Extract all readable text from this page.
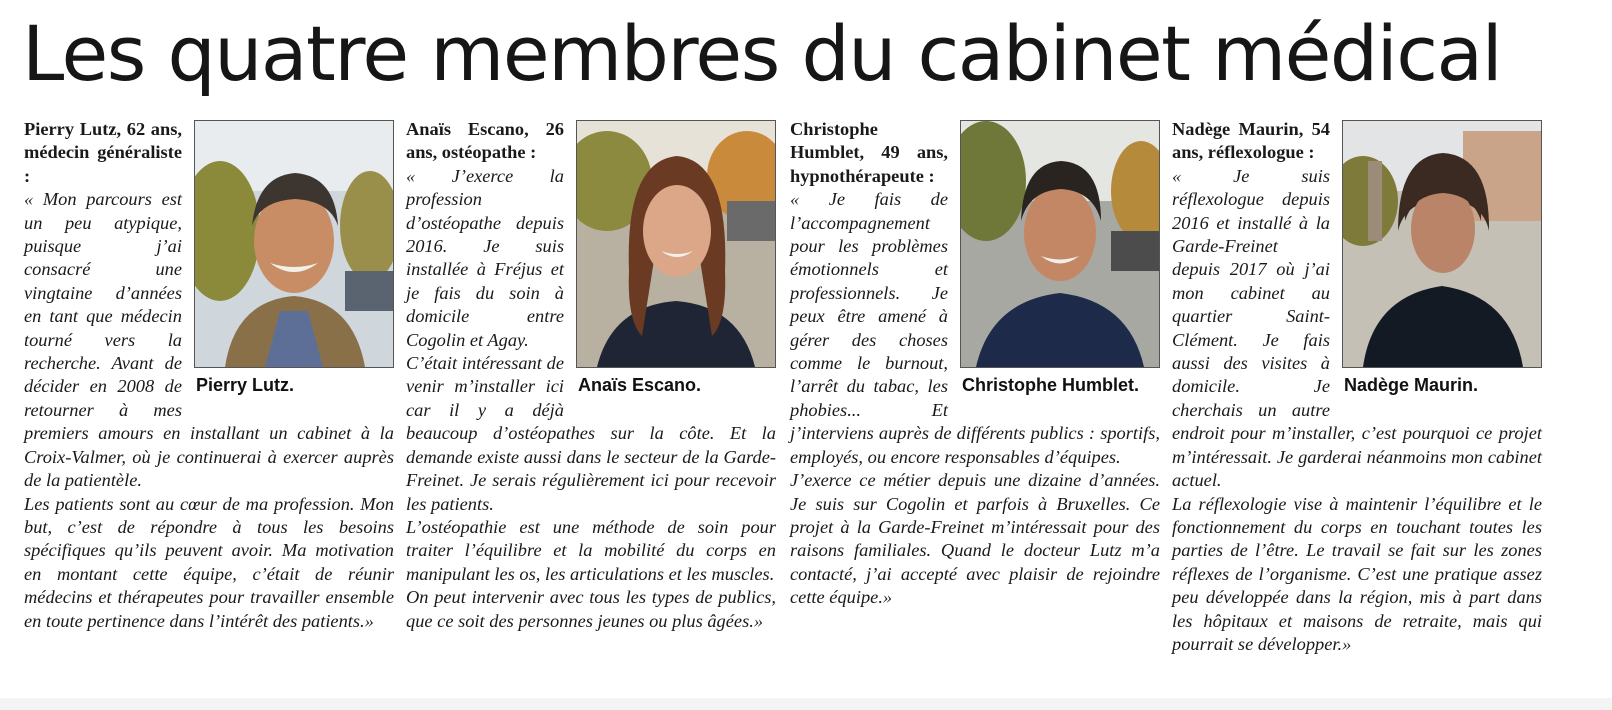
Les quatre membres du cabinet médical
Pierry Lutz.

Pierry Lutz, 62 ans, médecin généraliste :
« Mon parcours est un peu atypique, puisque j’ai consacré une vingtaine d’années en tant que médecin tourné vers la recherche. Avant de décider en 2008 de retourner à mes premiers amours en installant un cabinet à la Croix-Valmer, où je continuerai à exercer auprès de la patientèle.

Les patients sont au cœur de ma profession. Mon but, c’est de répondre à tous les besoins spécifiques qu’ils peuvent avoir. Ma motivation en montant cette équipe, c’était de réunir médecins et thérapeutes pour travailler ensemble en toute pertinence dans l’intérêt des patients.»

Anaïs Escano.

Anaïs Escano, 26 ans, ostéopathe :
« J’exerce la profession d’ostéopathe depuis 2016. Je suis installée à Fréjus et je fais du soin à domicile entre Cogolin et Agay.

C’était intéressant de venir m’installer ici car il y a déjà beaucoup d’ostéopathes sur la côte. Et la demande existe aussi dans le secteur de la Garde-Freinet. Je serais régulièrement ici pour recevoir les patients.

L’ostéopathie est une méthode de soin pour traiter l’équilibre et la mobilité du corps en manipulant les os, les articulations et les muscles.

On peut intervenir avec tous les types de publics, que ce soit des personnes jeunes ou plus âgées.»

Christophe Humblet.

Christophe Humblet, 49 ans, hypnothérapeute :
« Je fais de l’accompagnement pour les problèmes émotionnels et professionnels. Je peux être amené à gérer des choses comme le burnout, l’arrêt du tabac, les phobies... Et j’interviens auprès de différents publics : sportifs, employés, ou encore responsables d’équipes.

J’exerce ce métier depuis une dizaine d’années. Je suis sur Cogolin et parfois à Bruxelles. Ce projet à la Garde-Freinet m’intéressait pour des raisons familiales. Quand le docteur Lutz m’a contacté, j’ai accepté avec plaisir de rejoindre cette équipe.»

Nadège Maurin.

Nadège Maurin, 54 ans, réflexologue :
« Je suis réflexologue depuis 2016 et installé à la Garde-Freinet depuis 2017 où j’ai mon cabinet au quartier Saint-Clément. Je fais aussi des visites à domicile. Je cherchais un autre endroit pour m’installer, c’est pourquoi ce projet m’intéressait. Je garderai néanmoins mon cabinet actuel.

La réflexologie vise à maintenir l’équilibre et le fonctionnement du corps en touchant toutes les parties de l’être. Le travail se fait sur les zones réflexes de l’organisme. C’est une pratique assez peu développée dans la région, mis à part dans les hôpitaux et maisons de retraite, mais qui pourrait se développer.»
